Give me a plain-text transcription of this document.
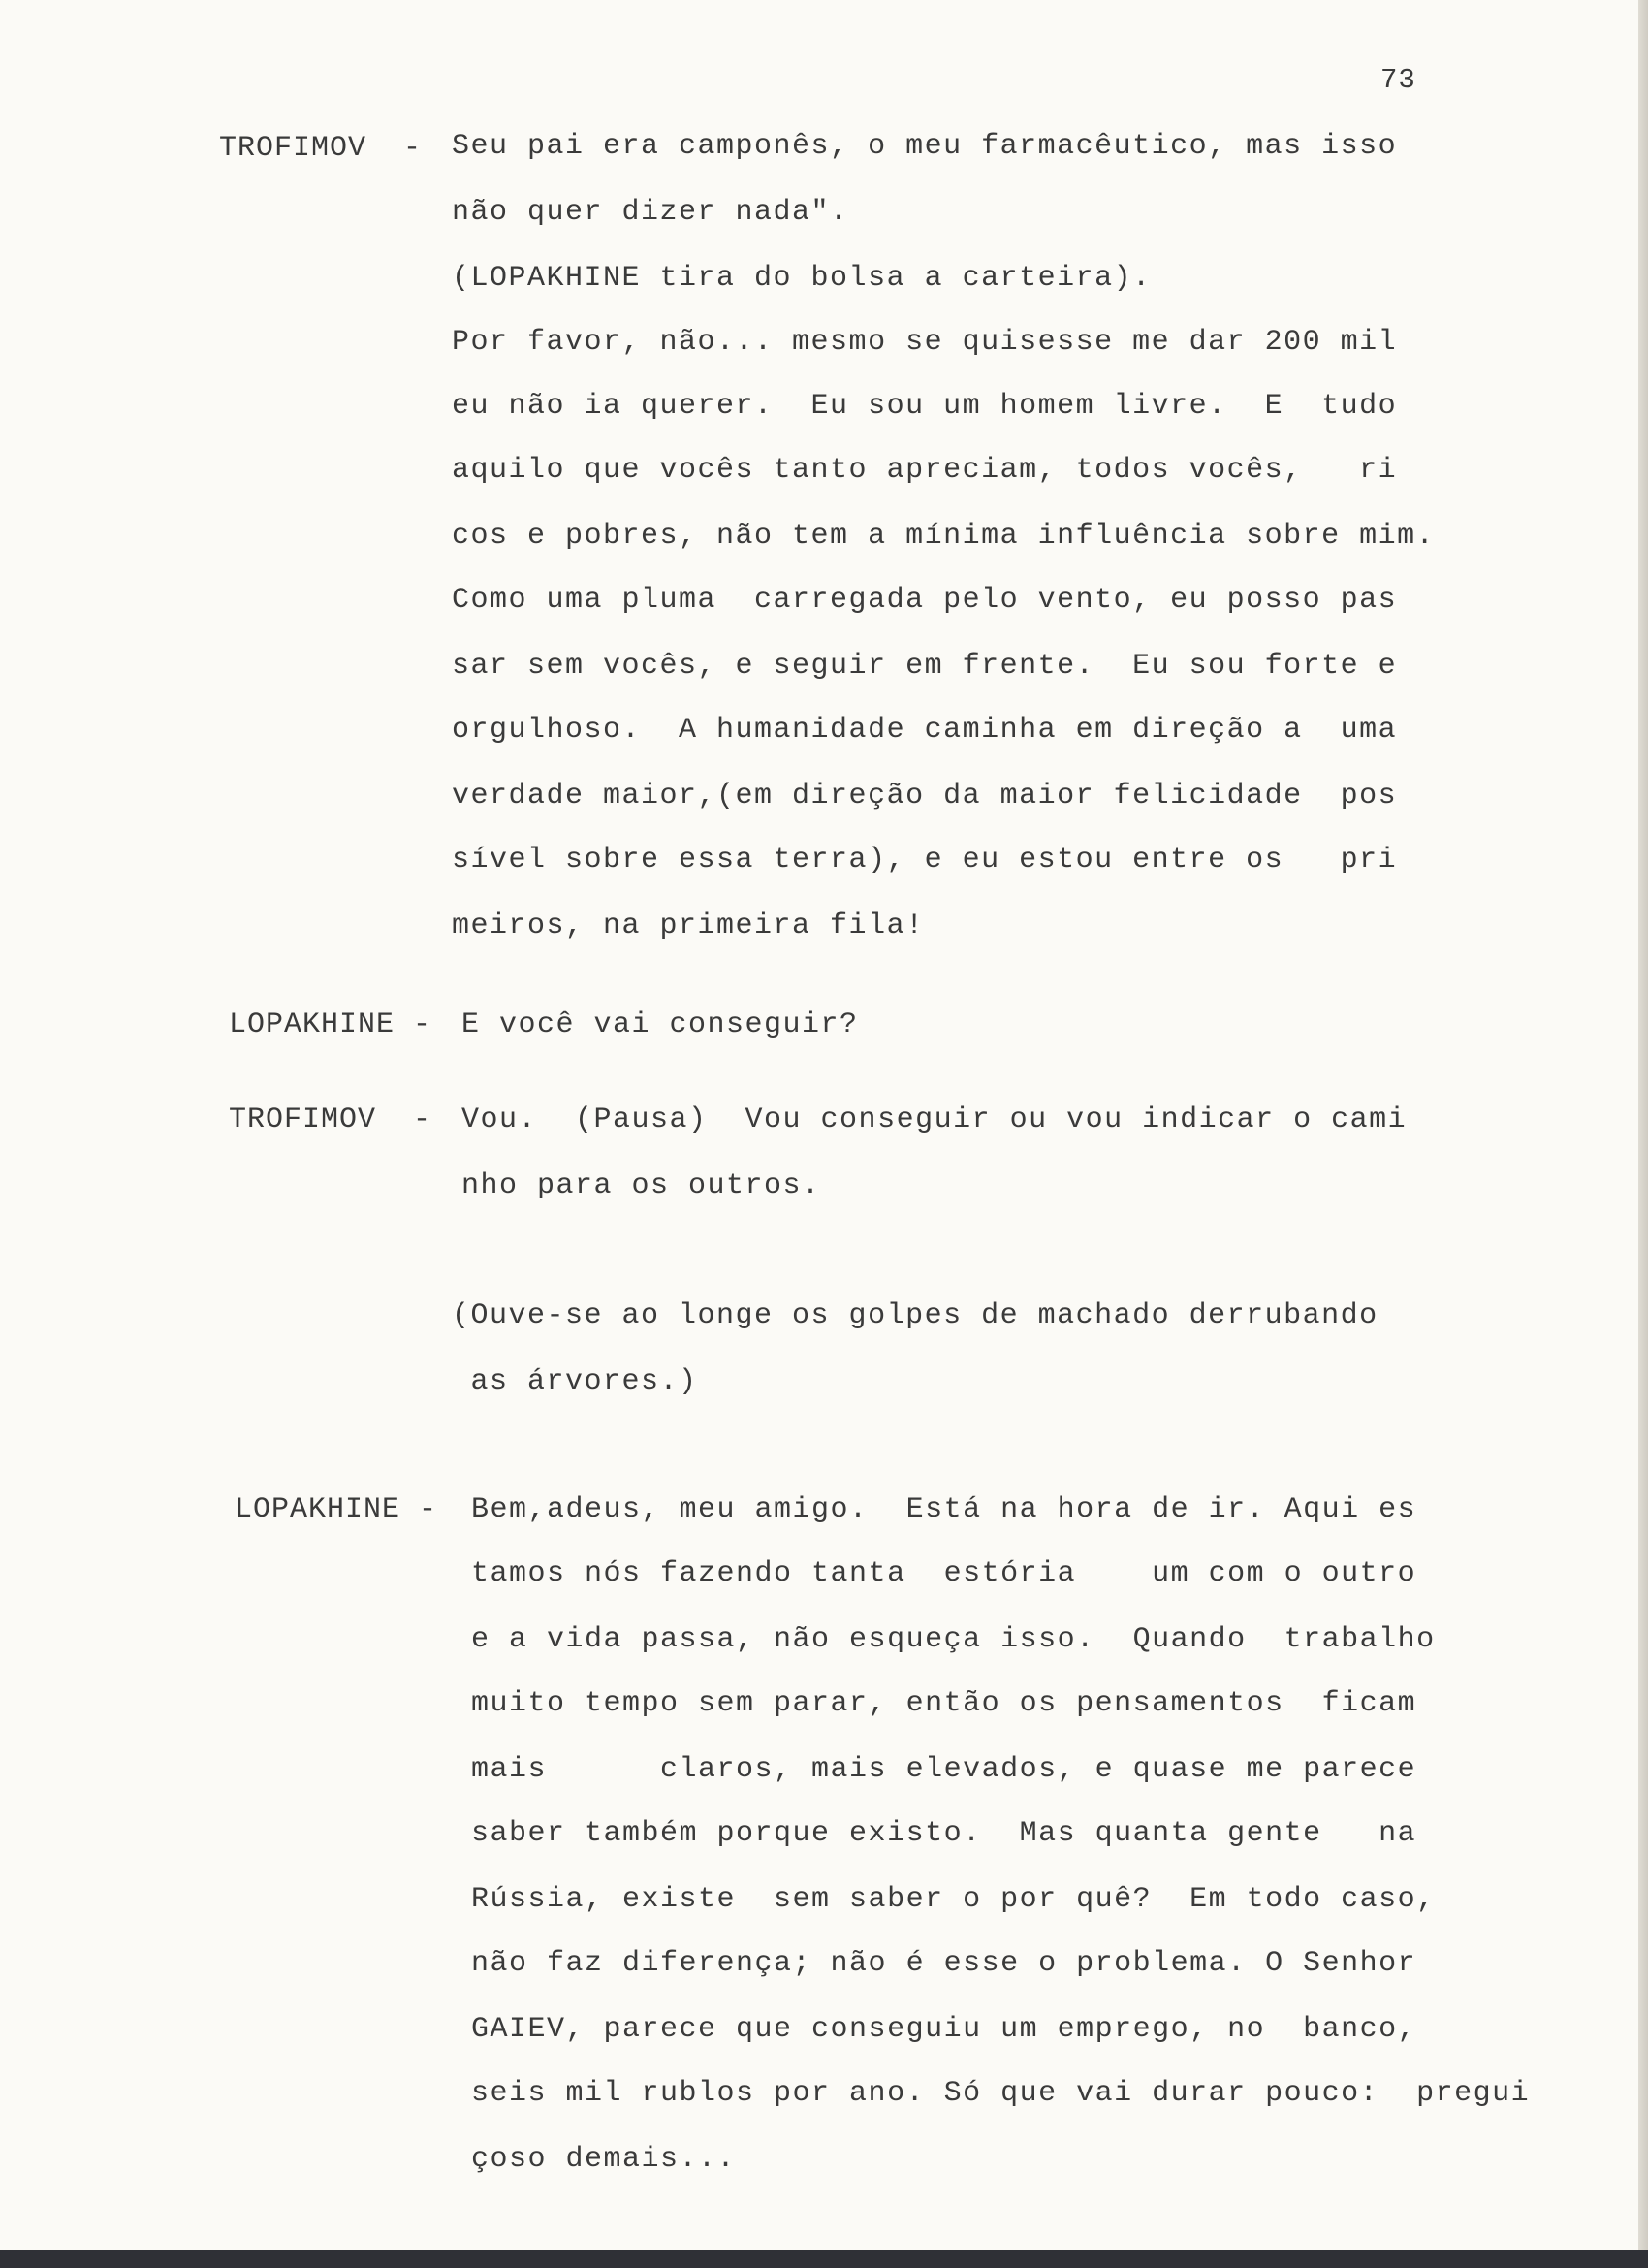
73
TROFIMOV  - Seu pai era camponês, o meu farmacêutico, mas isso
não quer dizer nada".
(LOPAKHINE tira do bolsa a carteira).
Por favor, não... mesmo se quisesse me dar 200 mil
eu não ia querer.  Eu sou um homem livre.  E  tudo
aquilo que vocês tanto apreciam, todos vocês,   ri
cos e pobres, não tem a mínima influência sobre mim.
Como uma pluma  carregada pelo vento, eu posso pas
sar sem vocês, e seguir em frente.  Eu sou forte e
orgulhoso.  A humanidade caminha em direção a  uma
verdade maior,(em direção da maior felicidade  pos
sível sobre essa terra), e eu estou entre os   pri
meiros, na primeira fila!
LOPAKHINE - E você vai conseguir?
TROFIMOV  - Vou.  (Pausa)  Vou conseguir ou vou indicar o cami
nho para os outros.
(Ouve-se ao longe os golpes de machado derrubando
as árvores.)
LOPAKHINE - Bem,adeus, meu amigo.  Está na hora de ir. Aqui es
tamos nós fazendo tanta  estória    um com o outro
e a vida passa, não esqueça isso.  Quando  trabalho
muito tempo sem parar, então os pensamentos  ficam
mais      claros, mais elevados, e quase me parece
saber também porque existo.  Mas quanta gente   na
Rússia, existe  sem saber o por quê?  Em todo caso,
não faz diferença; não é esse o problema. O Senhor
GAIEV, parece que conseguiu um emprego, no  banco,
seis mil rublos por ano. Só que vai durar pouco:  pregui
çoso demais...
